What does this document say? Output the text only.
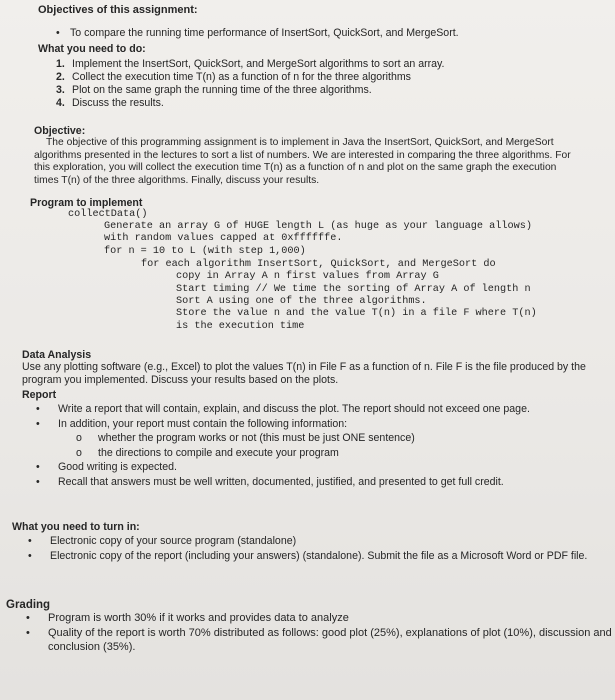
Objectives of this assignment:
• To compare the running time performance of InsertSort, QuickSort, and MergeSort.
What you need to do:
1. Implement the InsertSort, QuickSort, and MergeSort algorithms to sort an array.
2. Collect the execution time T(n) as a function of n for the three algorithms
3. Plot on the same graph the running time of the three algorithms.
4. Discuss the results.
Objective:

The objective of this programming assignment is to implement in Java the InsertSort, QuickSort, and MergeSort algorithms presented in the lectures to sort a list of numbers. We are interested in comparing the three algorithms. For this exploration, you will collect the execution time T(n) as a function of n and plot on the same graph the execution times T(n) of the three algorithms. Finally, discuss your results.

Program to implement
collectData()
Generate an array G of HUGE length L (as huge as your language allows)
with random values capped at 0xffffffe.
for n = 10 to L (with step 1,000)
for each algorithm InsertSort, QuickSort, and MergeSort do
copy in Array A n first values from Array G
Start timing // We time the sorting of Array A of length n
Sort A using one of the three algorithms.
Store the value n and the value T(n) in a file F where T(n)
is the execution time
Data Analysis

Use any plotting software (e.g., Excel) to plot the values T(n) in File F as a function of n. File F is the file produced by the program you implemented. Discuss your results based on the plots.

Report
•	Write a report that will contain, explain, and discuss the plot. The report should not exceed one page.
•	In addition, your report must contain the following information:
o	whether the program works or not (this must be just ONE sentence)
o	the directions to compile and execute your program
•	Good writing is expected.
•	Recall that answers must be well written, documented, justified, and presented to get full credit.
What you need to turn in:
•	Electronic copy of your source program (standalone)
•	Electronic copy of the report (including your answers) (standalone). Submit the file as a Microsoft Word or PDF file.
Grading
•	Program is worth 30% if it works and provides data to analyze
•	Quality of the report is worth 70% distributed as follows: good plot (25%), explanations of plot (10%), discussion and conclusion (35%).
